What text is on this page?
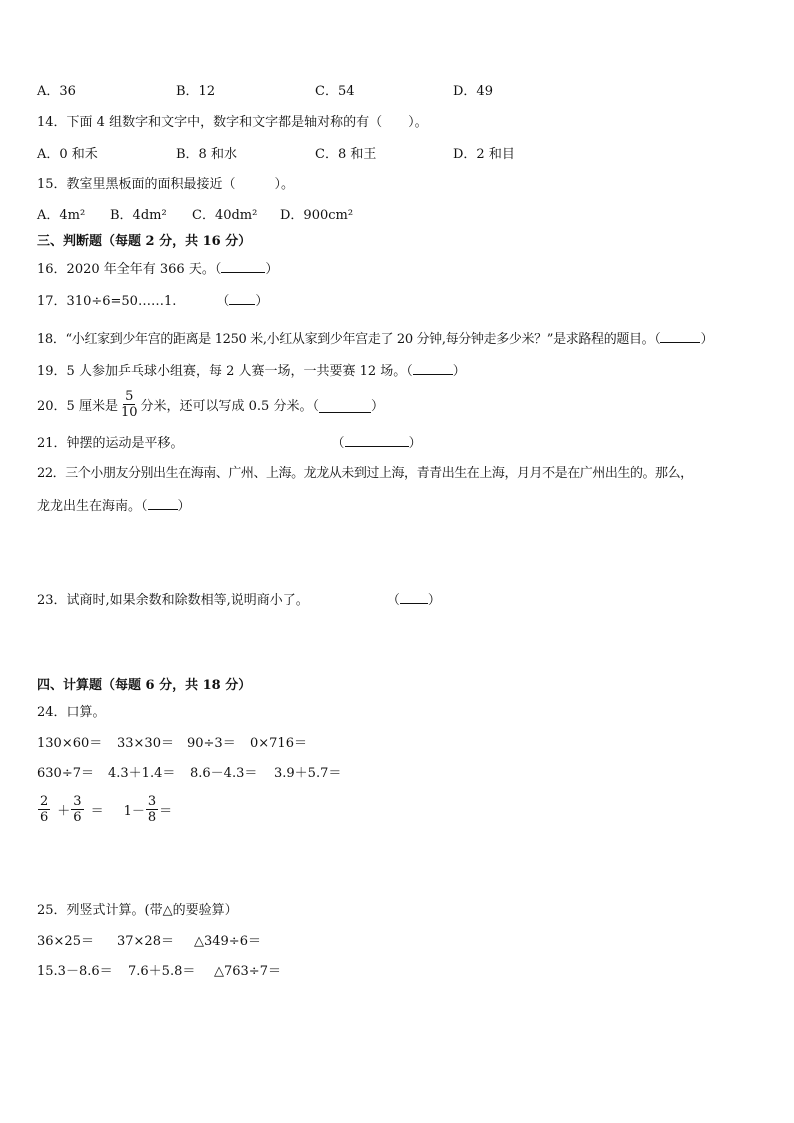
A．36	B．12	C．54	D．49
14．下面 4 组数字和文字中，数字和文字都是轴对称的有（　　）。
A．0 和禾	B．8 和水	C．8 和王	D．2 和目
15．教室里黑板面的面积最接近（　　　）。
A．4m² B．4dm² C．40dm² D．900cm²
三、判断题（每题 2 分，共 16 分）
16．2020 年全年有 366 天。（	）
17．310÷6=50……1.	（ ）
18．“小红家到少年宫的距离是 1250 米,小红从家到少年宫走了 20 分钟,每分钟走多少米？”是求路程的题目。（	）
19．5 人参加乒乓球小组赛，每 2 人赛一场，一共要赛 12 场。（	）
20．5 厘米是 $\frac{5}{10}$ 分米，还可以写成 0.5 分米。（	）
21．钟摆的运动是平移。	（	）
22．三个小朋友分别出生在海南、广州、上海。龙龙从未到过上海，青青出生在上海，月月不是在广州出生的。那么，
龙龙出生在海南。（ ）
23．试商时,如果余数和除数相等,说明商小了。	（ ）
四、计算题（每题 6 分，共 18 分）
24．口算。
130×60＝ 33×30＝ 90÷3＝ 0×716＝
630÷7＝ 4.3＋1.4＝ 8.6－4.3＝ 3.9＋5.7＝
$\frac{2}{6} + \frac{3}{6} = 1- \frac{3}{8}$ ＝
25．列竖式计算。(带△的要验算）
36×25＝ 37×28＝ △349÷6＝
15.3－8.6＝ 7.6＋5.8＝ △763÷7＝
